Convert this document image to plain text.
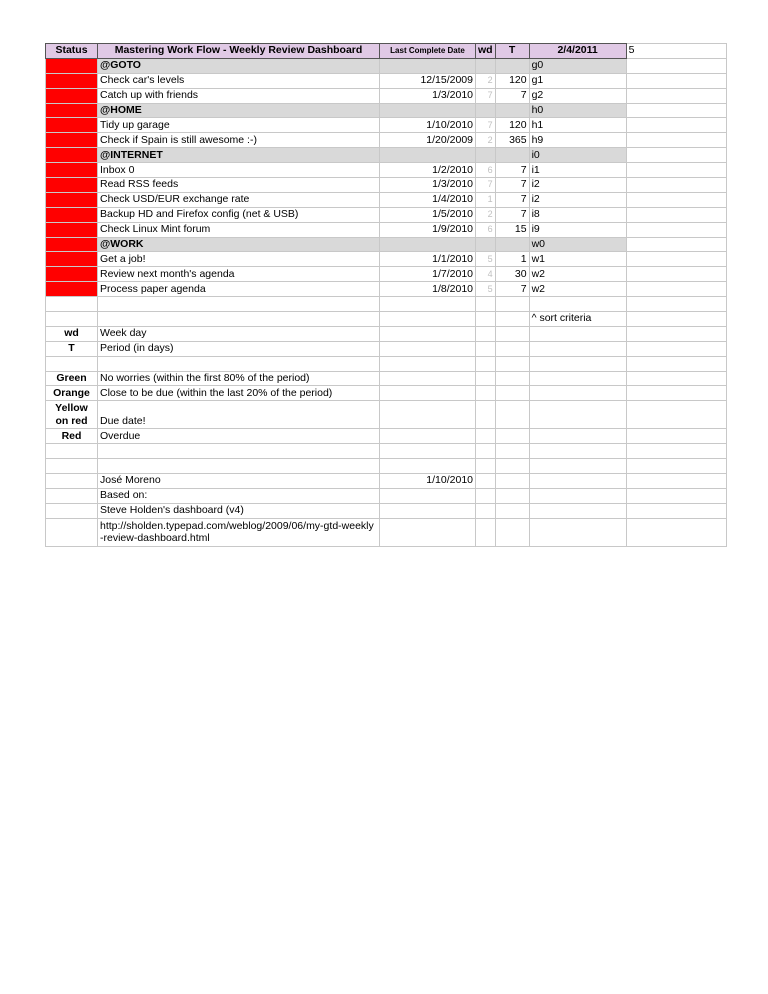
Status	Mastering Work Flow - Weekly Review Dashboard	Last Complete Date	wd	T	2/4/2011	5
	@GOTO				g0	
	Check car's levels	12/15/2009	2	120	g1	
	Catch up with friends	1/3/2010	7	7	g2	
	@HOME				h0	
	Tidy up garage	1/10/2010	7	120	h1	
	Check if Spain is still awesome :-)	1/20/2009	2	365	h9	
	@INTERNET				i0	
	Inbox 0	1/2/2010	6	7	i1	
	Read RSS feeds	1/3/2010	7	7	i2	
	Check USD/EUR exchange rate	1/4/2010	1	7	i2	
	Backup HD and Firefox config (net & USB)	1/5/2010	2	7	i8	
	Check Linux Mint forum	1/9/2010	6	15	i9	
	@WORK				w0	
	Get a job!	1/1/2010	5	1	w1	
	Review next month's agenda	1/7/2010	4	30	w2	
	Process paper agenda	1/8/2010	5	7	w2	

					^ sort criteria	
wd	Week day					
T	Period (in days)					

Green	No worries (within the first 80% of the period)					
Orange	Close to be due (within the last 20% of the period)					
Yellow on red	Due date!					
Red	Overdue					

	José Moreno	1/10/2010				
	Based on:					
	Steve Holden's dashboard (v4)					
	http://sholden.typepad.com/weblog/2009/06/my-gtd-weekly-review-dashboard.html					
